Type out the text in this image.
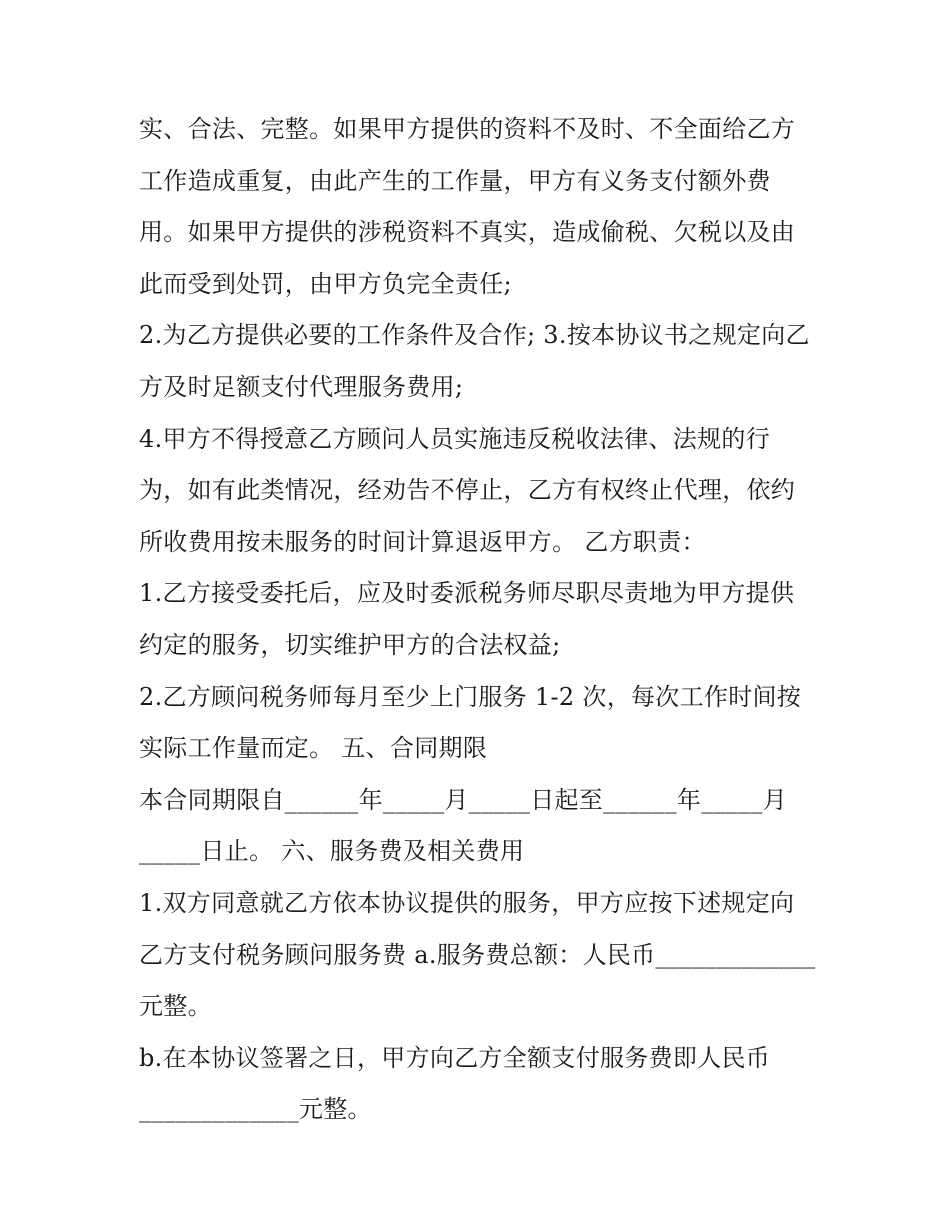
实、合法、完整。如果甲方提供的资料不及时、不全面给乙方
工作造成重复，由此产生的工作量，甲方有义务支付额外费
用。如果甲方提供的涉税资料不真实，造成偷税、欠税以及由
此而受到处罚，由甲方负完全责任;
2.为乙方提供必要的工作条件及合作; 3.按本协议书之规定向乙
方及时足额支付代理服务费用;
4.甲方不得授意乙方顾问人员实施违反税收法律、法规的行
为，如有此类情况，经劝告不停止，乙方有权终止代理，依约
所收费用按未服务的时间计算退返甲方。 乙方职责：
1.乙方接受委托后，应及时委派税务师尽职尽责地为甲方提供
约定的服务，切实维护甲方的合法权益;
2.乙方顾问税务师每月至少上门服务 1-2 次，每次工作时间按
实际工作量而定。 五、合同期限
本合同期限自______年_____月_____日起至______年_____月
_____日止。 六、服务费及相关费用
1.双方同意就乙方依本协议提供的服务，甲方应按下述规定向
乙方支付税务顾问服务费 a.服务费总额：人民币_____________
元整。
b.在本协议签署之日，甲方向乙方全额支付服务费即人民币
_____________元整。
